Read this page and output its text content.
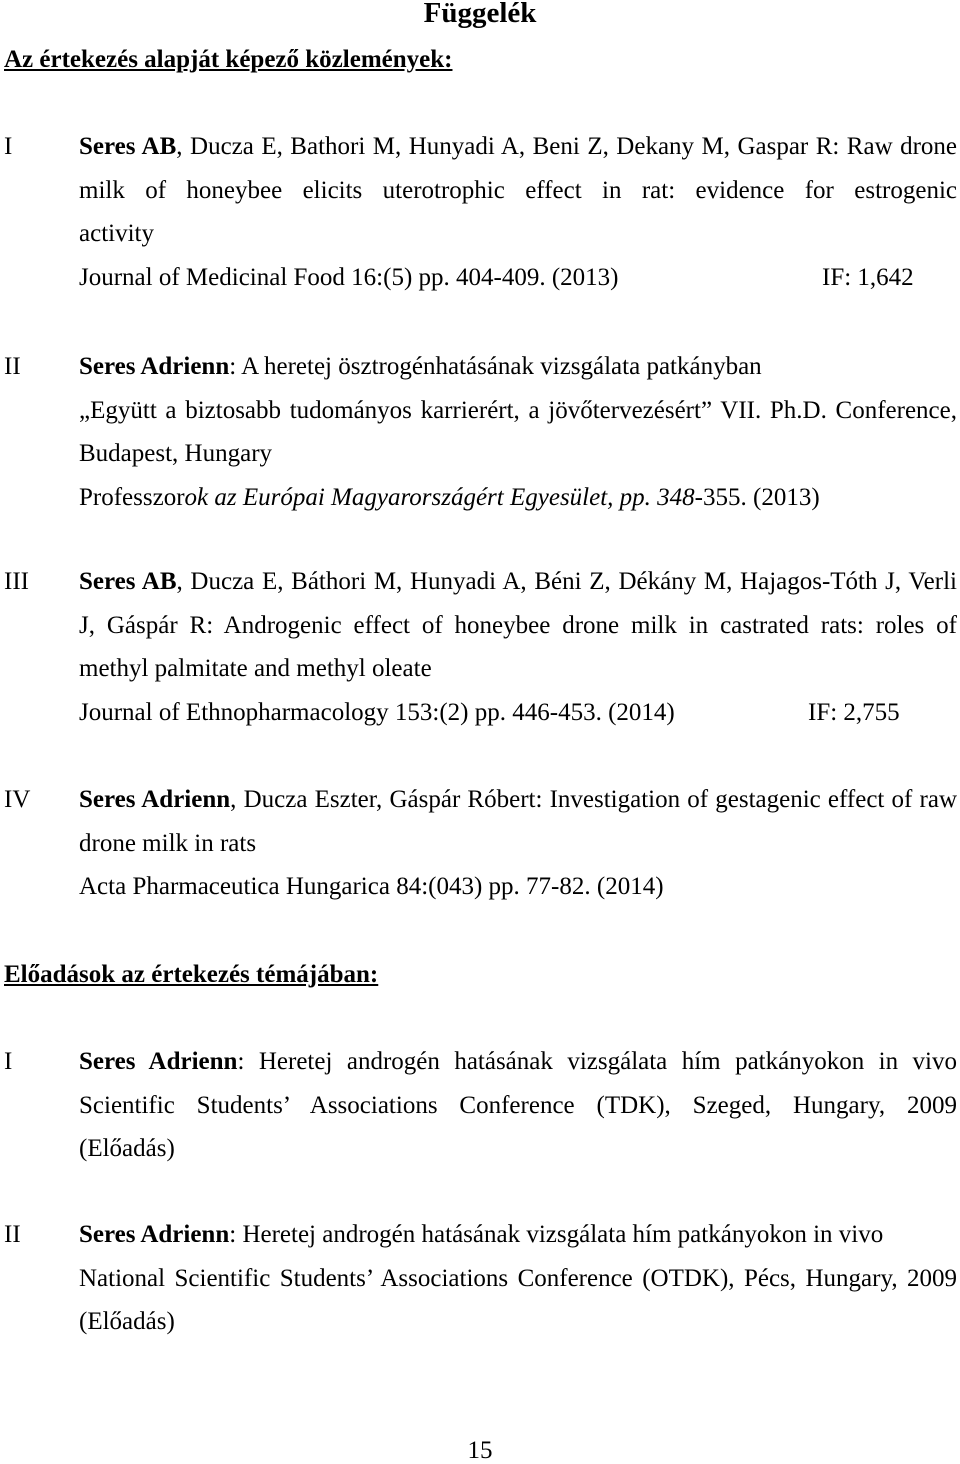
Függelék
Az értekezés alapját képező közlemények:
I	Seres AB, Ducza E, Bathori M, Hunyadi A, Beni Z, Dekany M, Gaspar R: Raw drone
milk of honeybee elicits uterotrophic effect in rat: evidence for estrogenic
activity
Journal of Medicinal Food 16:(5) pp. 404-409. (2013)	IF: 1,642
II Seres Adrienn: A heretej ösztrogénhatásának vizsgálata patkányban
„Együtt a biztosabb tudományos karrierért, a jövőtervezésért” VII. Ph.D. Conference,
Budapest, Hungary
Professzorok az Európai Magyarországért Egyesület, pp. 348-355. (2013)
III Seres AB, Ducza E, Báthori M, Hunyadi A, Béni Z, Dékány M, Hajagos-Tóth J, Verli
J, Gáspár R: Androgenic effect of honeybee drone milk in castrated rats: roles of
methyl palmitate and methyl oleate
Journal of Ethnopharmacology 153:(2) pp. 446-453. (2014)	IF: 2,755
IV Seres Adrienn, Ducza Eszter, Gáspár Róbert: Investigation of gestagenic effect of raw
drone milk in rats
Acta Pharmaceutica Hungarica 84:(043) pp. 77-82. (2014)
Előadások az értekezés témájában:
I	Seres Adrienn: Heretej androgén hatásának vizsgálata hím patkányokon in vivo
Scientific Students’ Associations Conference (TDK), Szeged, Hungary, 2009
(Előadás)
II Seres Adrienn: Heretej androgén hatásának vizsgálata hím patkányokon in vivo
National Scientific Students’ Associations Conference (OTDK), Pécs, Hungary, 2009
(Előadás)
15
